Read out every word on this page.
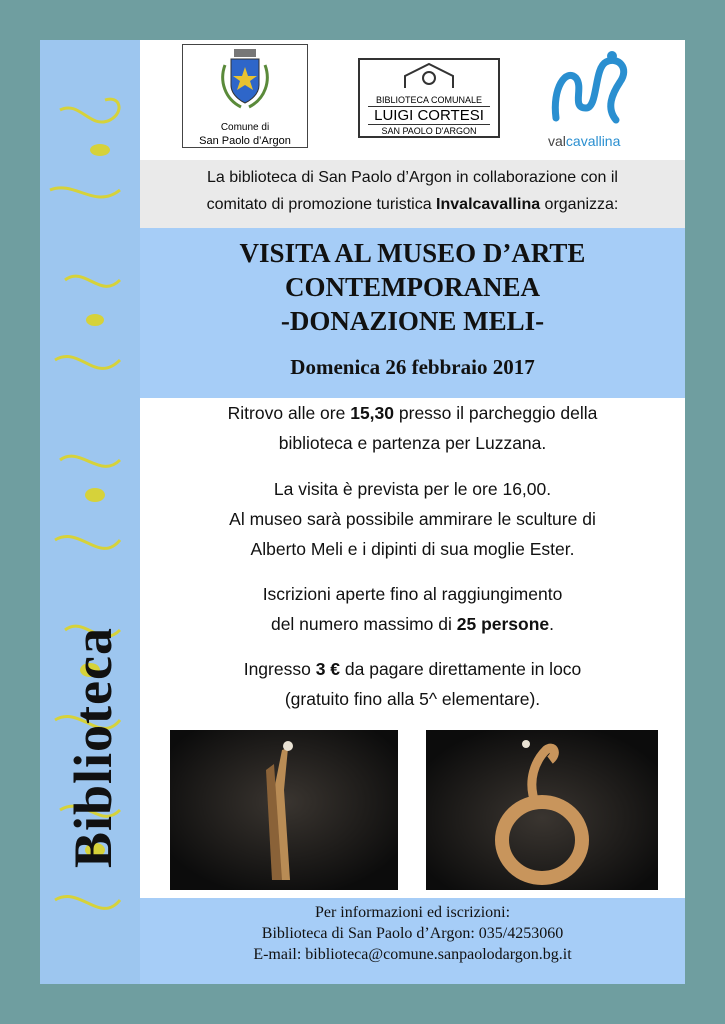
Comune di
San Paolo d’Argon
BIBLIOTECA COMUNALE
LUIGI CORTESI
SAN PAOLO D'ARGON
valcavallina
La biblioteca di San Paolo d’Argon in collaborazione con il
comitato di promozione turistica Invalcavallina organizza:
VISITA AL MUSEO D’ARTE
CONTEMPORANEA
-DONAZIONE MELI-
Domenica 26 febbraio 2017
Ritrovo alle ore 15,30 presso il parcheggio della
biblioteca e partenza per Luzzana.
La visita è prevista per le ore 16,00.
Al museo sarà possibile ammirare le sculture di
Alberto Meli e i dipinti di sua moglie Ester.
Iscrizioni aperte fino al raggiungimento
del numero massimo di 25 persone.
Ingresso 3 € da pagare direttamente in loco
(gratuito fino alla 5^ elementare).
Biblioteca
Per informazioni ed iscrizioni:
Biblioteca di San Paolo d’Argon: 035/4253060
E-mail: biblioteca@comune.sanpaolodargon.bg.it
